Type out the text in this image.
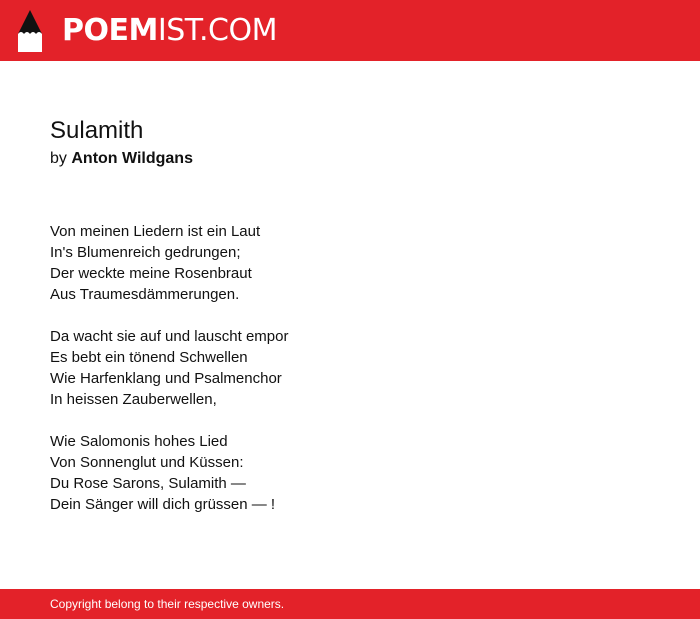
POEMIST.COM
Sulamith
by Anton Wildgans
Von meinen Liedern ist ein Laut
In's Blumenreich gedrungen;
Der weckte meine Rosenbraut
Aus Traumesdämmerungen.
Da wacht sie auf und lauscht empor
Es bebt ein tönend Schwellen
Wie Harfenklang und Psalmenchor
In heissen Zauberwellen,
Wie Salomonis hohes Lied
Von Sonnenglut und Küssen:
Du Rose Sarons, Sulamith —
Dein Sänger will dich grüssen — !
Copyright belong to their respective owners.
